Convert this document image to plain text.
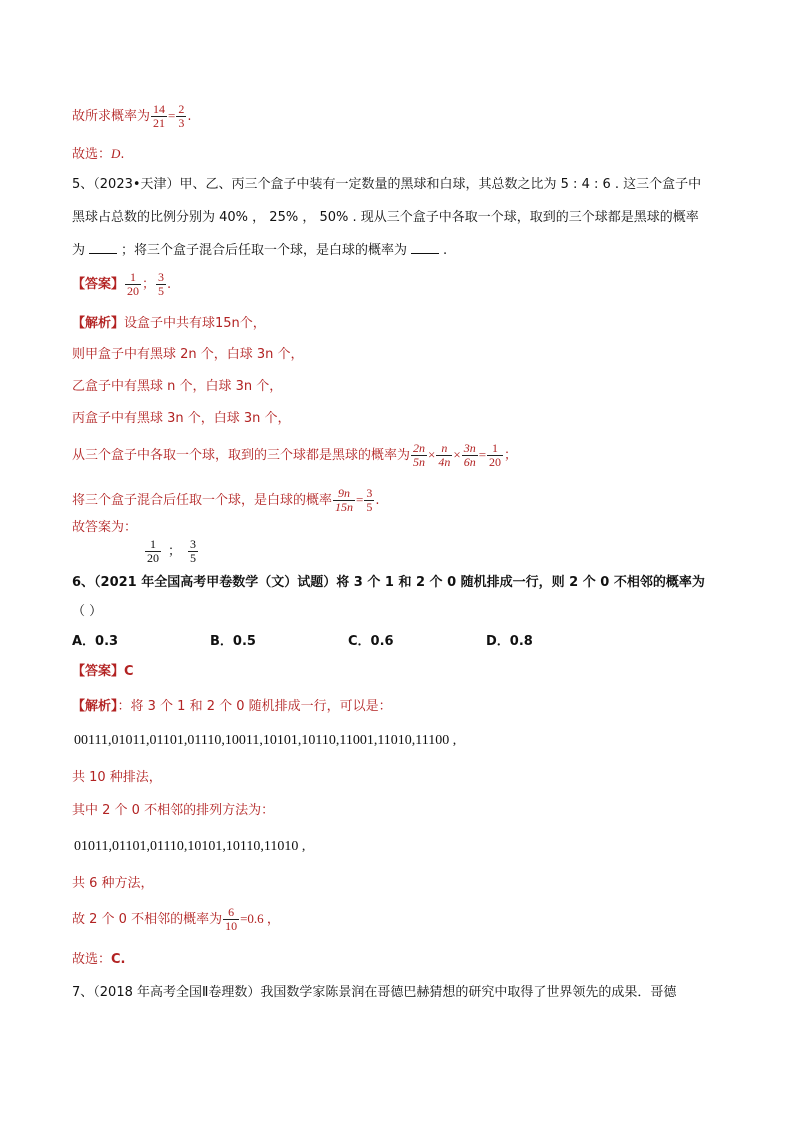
故所求概率为 $\frac{14}{21} = \frac{2}{3}$ .
故选：D.
5、（2023•天津）甲、乙、丙三个盒子中装有一定数量的黑球和白球，其总数之比为 5 : 4 : 6 . 这三个盒子中
黑球占总数的比例分别为 40% ， 25% ， 50% . 现从三个盒子中各取一个球，取到的三个球都是黑球的概率
为	；将三个盒子混合后任取一个球，是白球的概率为	.
【答案】 $\frac{1}{20}$ ； $\frac{3}{5}$ .
【解析】设盒子中共有球15n个，
则甲盒子中有黑球 2n 个，白球 3n 个，
乙盒子中有黑球 n 个，白球 3n 个，
丙盒子中有黑球 3n 个，白球 3n 个，
从三个盒子中各取一个球，取到的三个球都是黑球的概率为 $\frac{2n}{5n} \times \frac{n}{4n} \times \frac{3n}{6n} = \frac{1}{20}$ ；
将三个盒子混合后任取一个球，是白球的概率 $\frac{9n}{15n} = \frac{3}{5}$ .
故答案为：
$\frac{1}{20}$ ； $\frac{3}{5}$
6、（2021 年全国高考甲卷数学（文）试题）将 3 个 1 和 2 个 0 随机排成一行，则 2 个 0 不相邻的概率为
（ ）
A．0.3	B．0.5	C．0.6	D．0.8
【答案】C
【解析】：将 3 个 1 和 2 个 0 随机排成一行，可以是：
00111,01011,01101,01110,10011,10101,10110,11001,11010,11100 ,
共 10 种排法，
其中 2 个 0 不相邻的排列方法为：
01011,01101,01110,10101,10110,11010 ,
共 6 种方法，
故 2 个 0 不相邻的概率为 $\frac{6}{10} =0.6$ ，
故选：C.
7、（2018 年高考全国Ⅱ卷理数）我国数学家陈景润在哥德巴赫猜想的研究中取得了世界领先的成果．哥德
